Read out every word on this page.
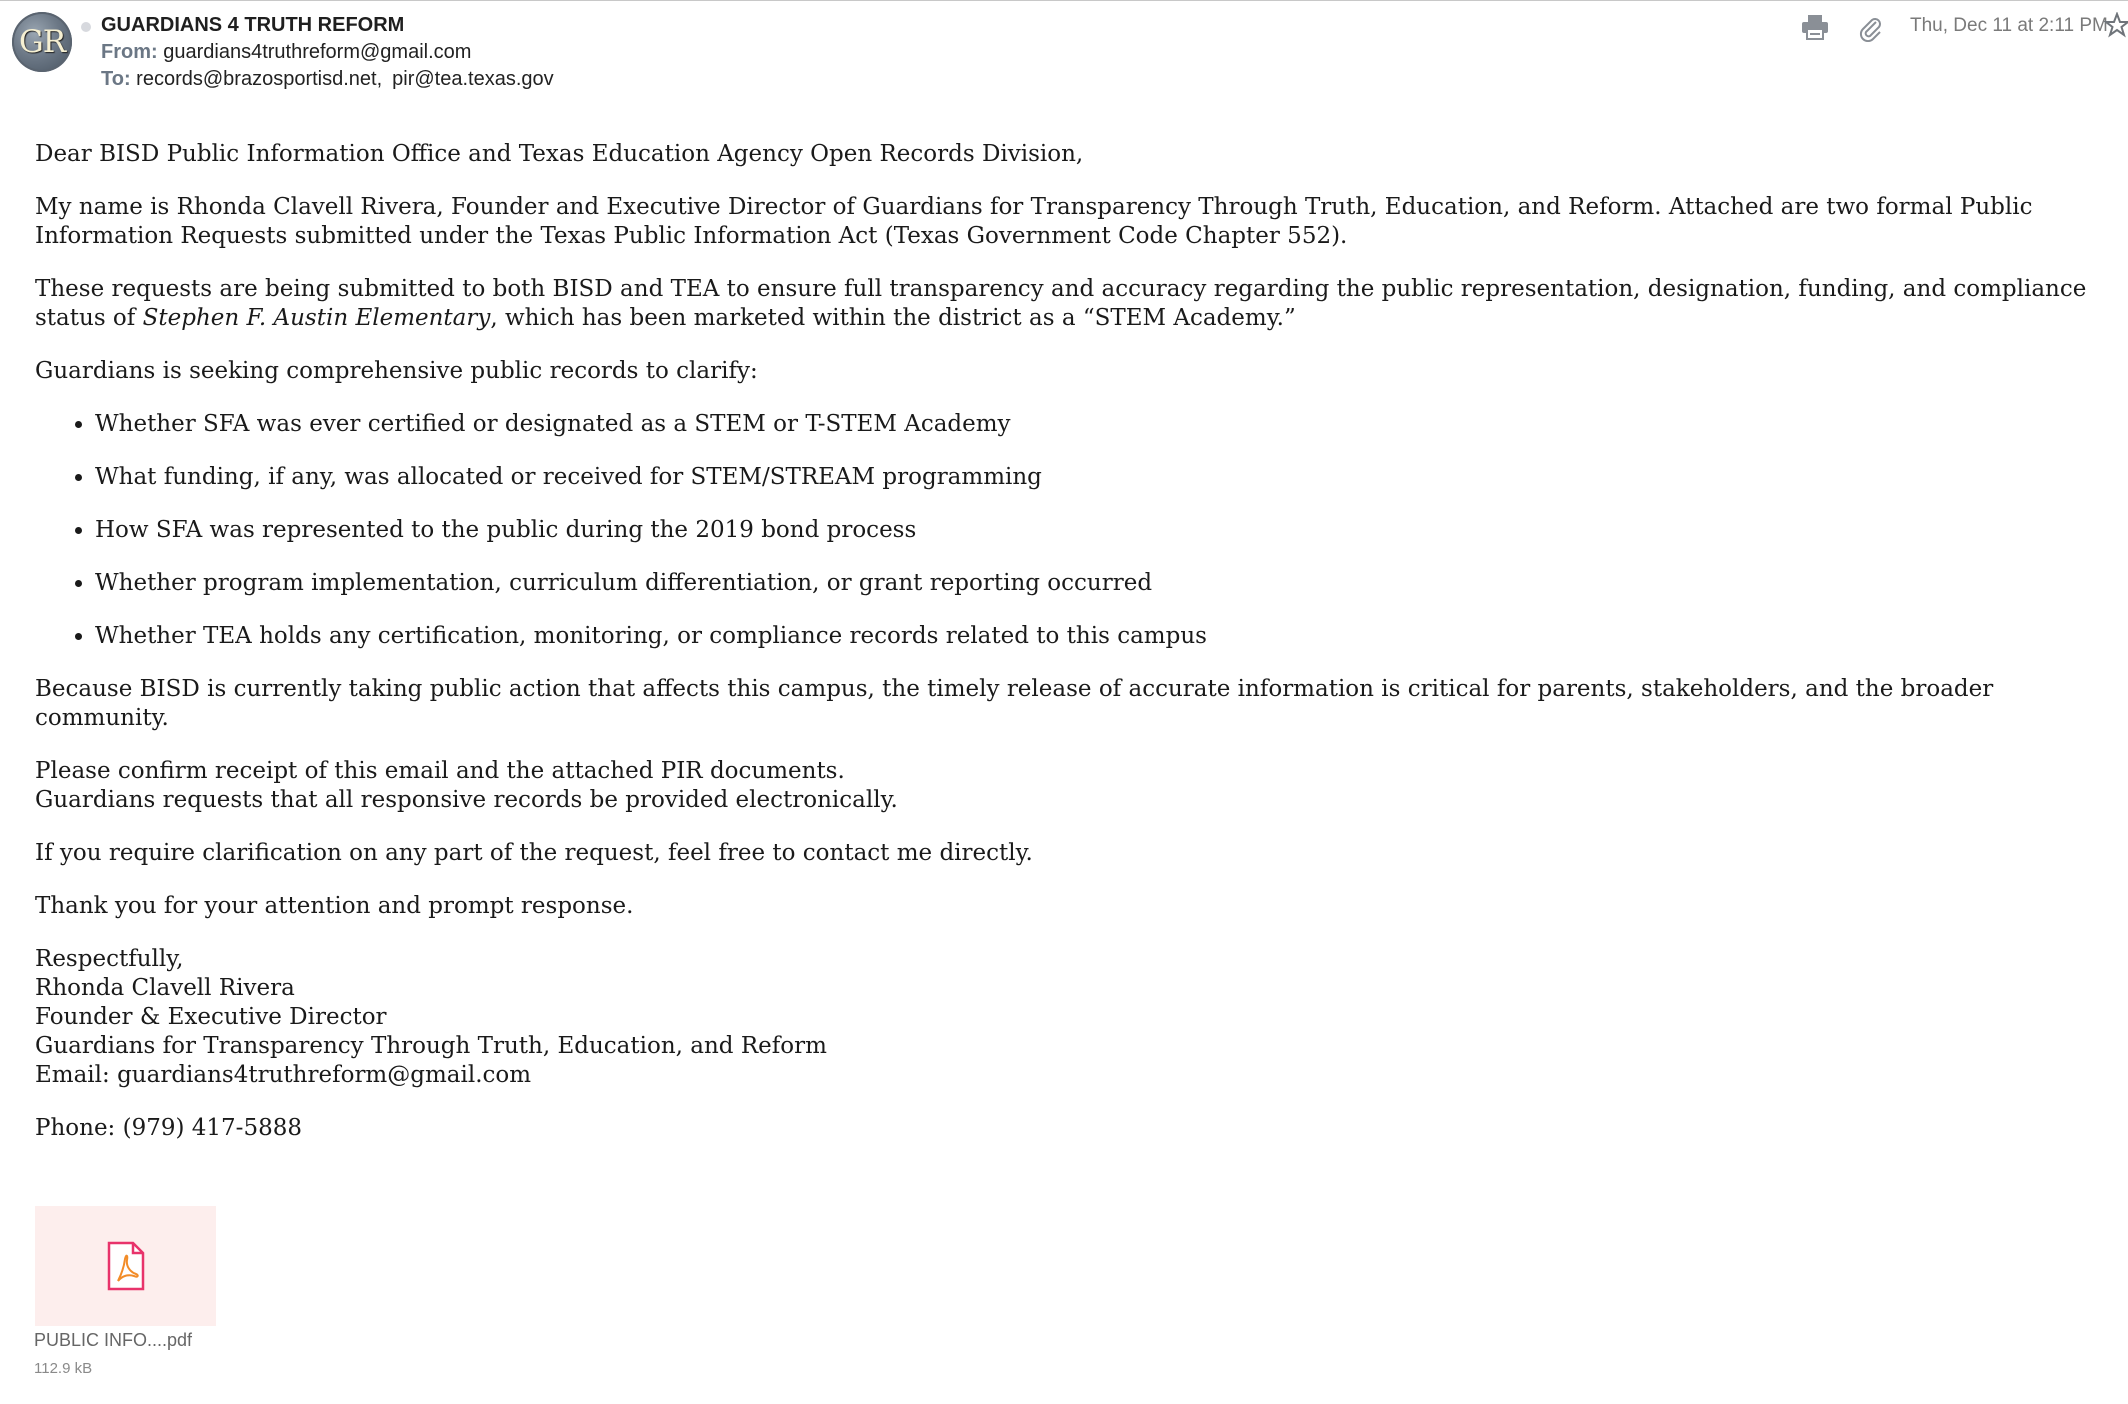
GR	GUARDIANS 4 TRUTH REFORM
From: guardians4truthreform@gmail.com
To: records@brazosportisd.net, pir@tea.texas.gov
Thu, Dec 11 at 2:11 PM

Dear BISD Public Information Office and Texas Education Agency Open Records Division,

My name is Rhonda Clavell Rivera, Founder and Executive Director of Guardians for Transparency Through Truth, Education, and Reform. Attached are two formal Public Information Requests submitted under the Texas Public Information Act (Texas Government Code Chapter 552).

These requests are being submitted to both BISD and TEA to ensure full transparency and accuracy regarding the public representation, designation, funding, and compliance status of Stephen F. Austin Elementary, which has been marketed within the district as a “STEM Academy.”

Guardians is seeking comprehensive public records to clarify:

• Whether SFA was ever certified or designated as a STEM or T-STEM Academy
• What funding, if any, was allocated or received for STEM/STREAM programming
• How SFA was represented to the public during the 2019 bond process
• Whether program implementation, curriculum differentiation, or grant reporting occurred
• Whether TEA holds any certification, monitoring, or compliance records related to this campus

Because BISD is currently taking public action that affects this campus, the timely release of accurate information is critical for parents, stakeholders, and the broader community.

Please confirm receipt of this email and the attached PIR documents.
Guardians requests that all responsive records be provided electronically.

If you require clarification on any part of the request, feel free to contact me directly.

Thank you for your attention and prompt response.

Respectfully,
Rhonda Clavell Rivera
Founder & Executive Director
Guardians for Transparency Through Truth, Education, and Reform
Email: guardians4truthreform@gmail.com

Phone: (979) 417-5888

PUBLIC INFO....pdf
112.9 kB
